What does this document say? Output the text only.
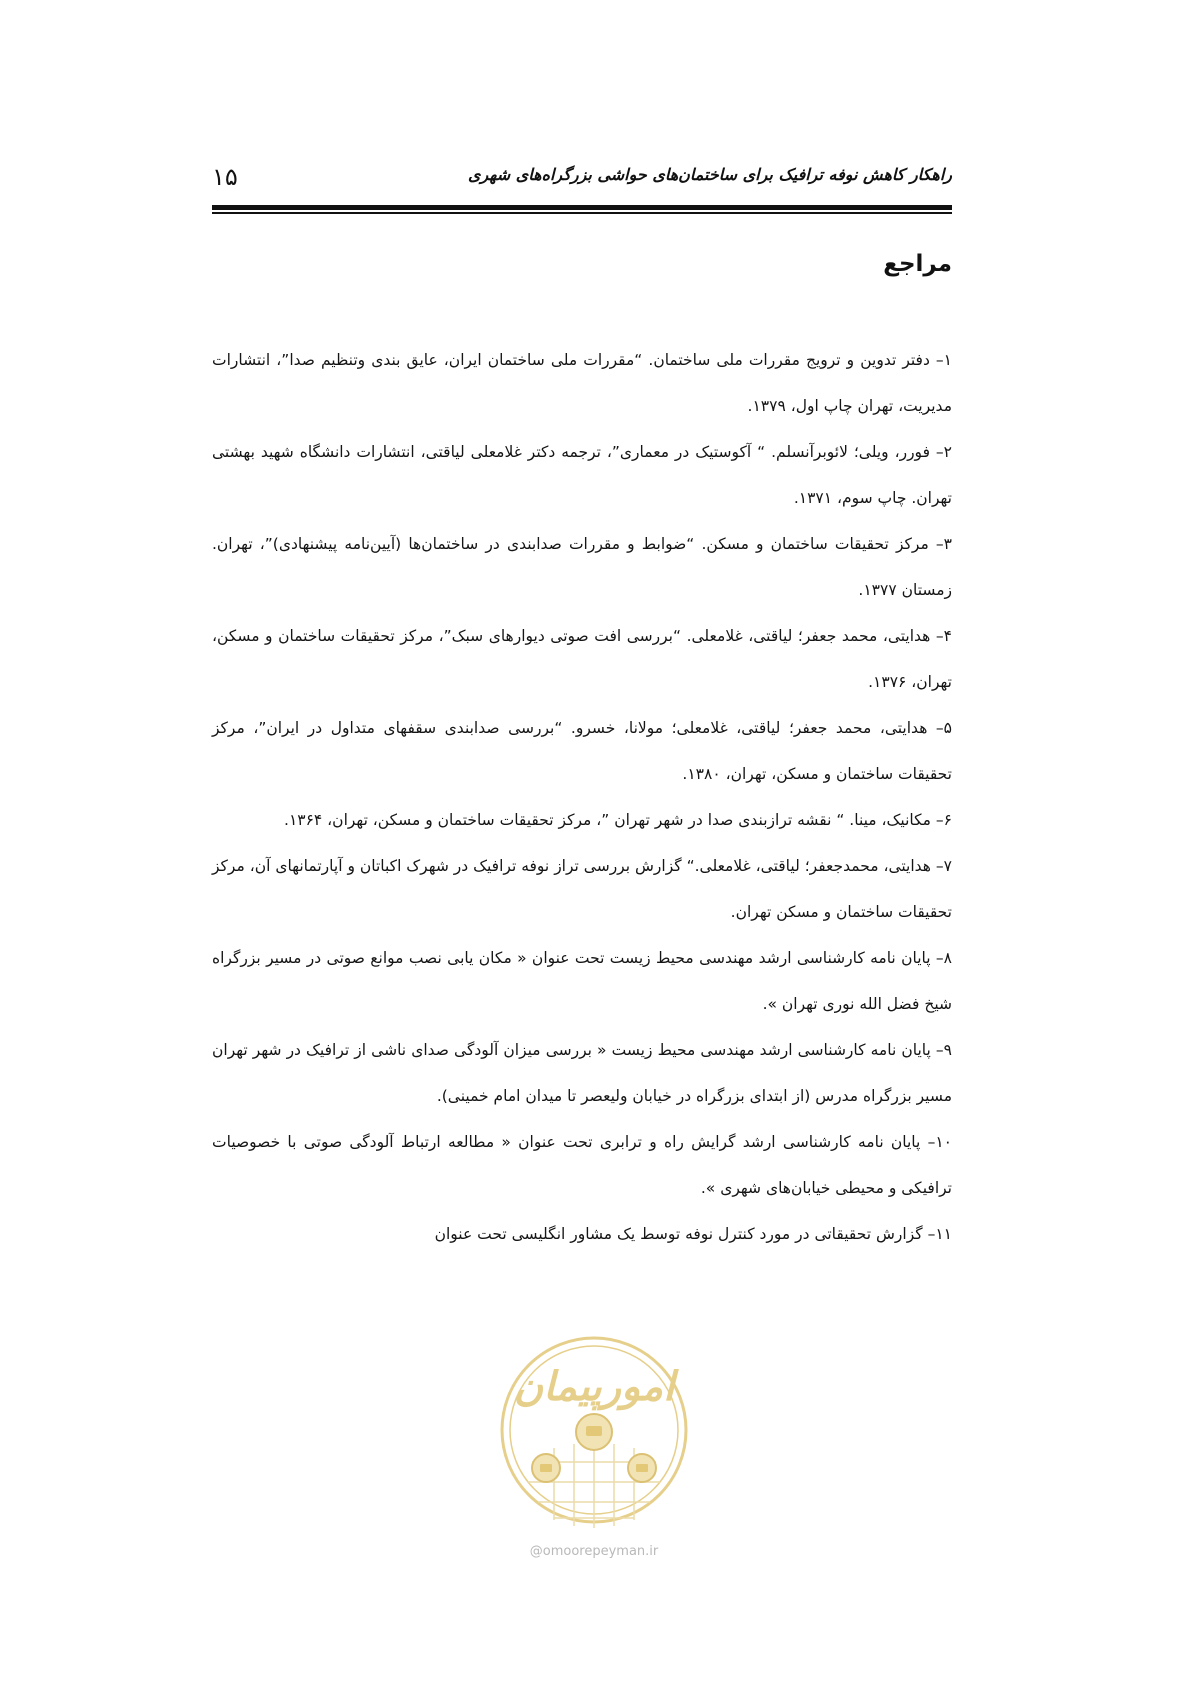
راهکار کاهش نوفه ترافیک برای ساختمان‌های حواشی بزرگراه‌های شهری
۱۵
مراجع
۱– دفتر تدوین و ترویج مقررات ملی ساختمان. “مقررات ملی ساختمان ایران، عایق بندی وتنظیم صدا”، انتشارات مدیریت، تهران چاپ اول، ۱۳۷۹.
۲– فورر، ویلی؛ لائوبرآنسلم. “ آکوستیک در معماری”، ترجمه دکتر غلامعلی لیاقتی، انتشارات دانشگاه شهید بهشتی تهران. چاپ سوم، ۱۳۷۱.
۳– مرکز تحقیقات ساختمان و مسکن. “ضوابط و مقررات صدابندی در ساختمان‌ها (آیین‌نامه پیشنهادی)”، تهران. زمستان ۱۳۷۷.
۴– هدایتی، محمد جعفر؛ لیاقتی، غلامعلی. “بررسی افت صوتی دیوارهای سبک”، مرکز تحقیقات ساختمان و مسکن، تهران، ۱۳۷۶.
۵– هدایتی، محمد جعفر؛ لیاقتی، غلامعلی؛ مولانا، خسرو. “بررسی صدابندی سقفهای متداول در ایران”، مرکز تحقیقات ساختمان و مسکن، تهران، ۱۳۸۰.
۶– مکانیک، مینا. “ نقشه ترازبندی صدا در شهر تهران ”، مرکز تحقیقات ساختمان و مسکن، تهران، ۱۳۶۴.
۷– هدایتی، محمدجعفر؛ لیاقتی، غلامعلی.“ گزارش بررسی تراز نوفه ترافیک در شهرک اکباتان و آپارتمانهای آن، مرکز تحقیقات ساختمان و مسکن تهران.
۸– پایان نامه کارشناسی ارشد مهندسی محیط زیست تحت عنوان « مکان یابی نصب موانع صوتی در مسیر بزرگراه شیخ فضل الله نوری تهران ».
۹– پایان نامه کارشناسی ارشد مهندسی محیط زیست « بررسی میزان آلودگی صدای ناشی از ترافیک در شهر تهران مسیر بزرگراه مدرس (از ابتدای بزرگراه در خیابان ولیعصر تا میدان امام خمینی).
۱۰– پایان نامه کارشناسی ارشد گرایش راه و ترابری تحت عنوان « مطالعه ارتباط آلودگی صوتی با خصوصیات ترافیکی و محیطی خیابان‌های شهری ».
۱۱– گزارش تحقیقاتی در مورد کنترل نوفه توسط یک مشاور انگلیسی تحت عنوان
امورپیمان
@omoorepeyman.ir
